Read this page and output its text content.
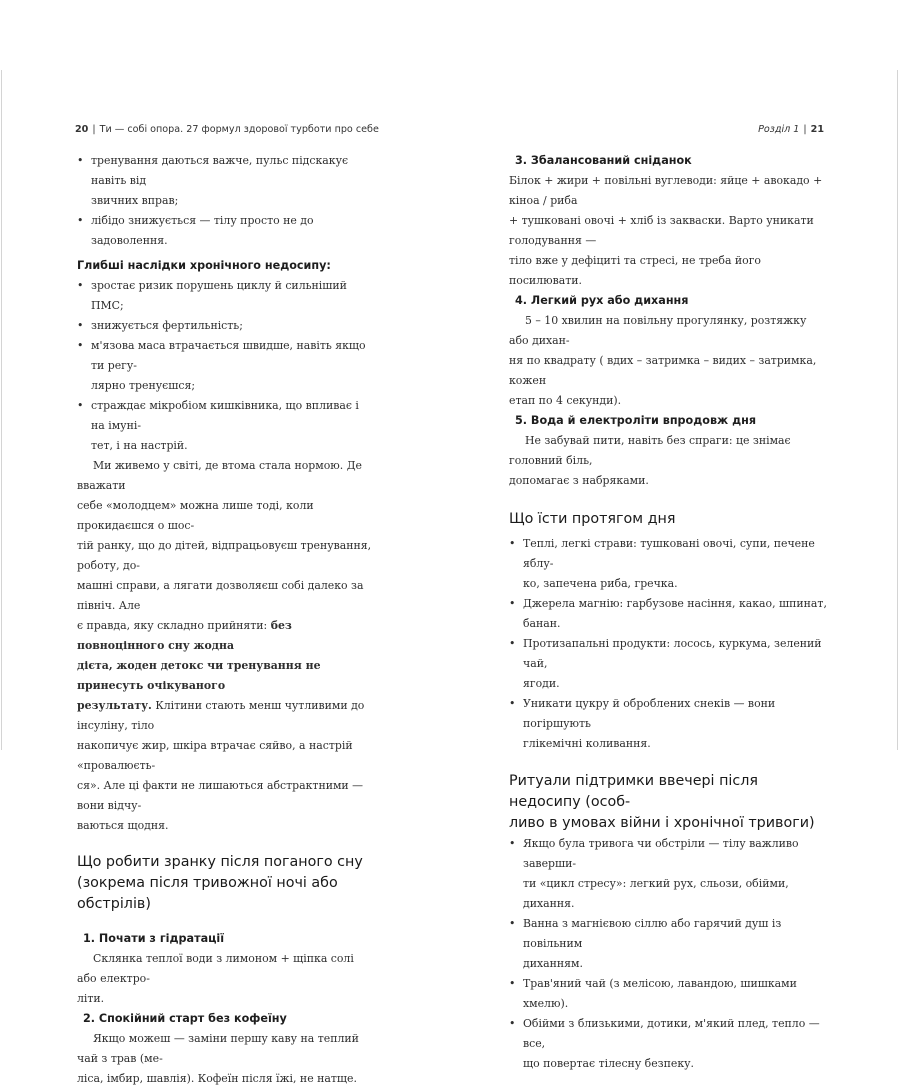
20 | Ти — собі опора. 27 формул здорової турботи про себе
• тренування даються важче, пульс підскакує навіть від
звичних вправ;
• лібідо знижується — тілу просто не до задоволення.
Глибші наслідки хронічного недосипу:
• зростає ризик порушень циклу й сильніший ПМС;
• знижується фертильність;
• м'язова маса втрачається швидше, навіть якщо ти регу-
лярно тренуєшся;
• страждає мікробіом кишківника, що впливає і на імуні-
тет, і на настрій.
Ми живемо у світі, де втома стала нормою. Де вважати
себе «молодцем» можна лише тоді, коли прокидаєшся о шос-
тій ранку, що до дітей, відпрацьовуєш тренування, роботу, до-
машні справи, а лягати дозволяєш собі далеко за північ. Але
є правда, яку складно прийняти: без повноцінного сну жодна
дієта, жоден детокс чи тренування не принесуть очікуваного
результату. Клітини стають менш чутливими до інсуліну, тіло
накопичує жир, шкіра втрачає сяйво, а настрій «провалюєть-
ся». Але ці факти не лишаються абстрактними — вони відчу-
ваються щодня.
Що робити зранку після поганого сну
(зокрема після тривожної ночі або обстрілів)
1. Почати з гідратації
Склянка теплої води з лимоном + щіпка солі або електро-
літи.
2. Спокійний старт без кофеїну
Якщо можеш — заміни першу каву на теплий чай з трав (ме-
ліса, імбир, шавлія). Кофеїн після їжі, не натще.
Розділ 1 | 21
3. Збалансований сніданок
Білок + жири + повільні вуглеводи: яйце + авокадо + кіноа / риба
+ тушковані овочі + хліб із закваски. Варто уникати голодування —
тіло вже у дефіциті та стресі, не треба його посилювати.
4. Легкий рух або дихання
5 – 10 хвилин на повільну прогулянку, розтяжку або дихан-
ня по квадрату ( вдих – затримка – видих – затримка, кожен
етап по 4 секунди).
5. Вода й електроліти впродовж дня
Не забувай пити, навіть без спраги: це знімає головний біль,
допомагає з набряками.
Що їсти протягом дня
• Теплі, легкі страви: тушковані овочі, супи, печене яблу-
ко, запечена риба, гречка.
• Джерела магнію: гарбузове насіння, какао, шпинат, банан.
• Протизапальні продукти: лосось, куркума, зелений чай,
ягоди.
• Уникати цукру й оброблених снеків — вони погіршують
глікемічні коливання.
Ритуали підтримки ввечері після недосипу (особ-
ливо в умовах війни і хронічної тривоги)
• Якщо була тривога чи обстріли — тілу важливо заверши-
ти «цикл стресу»: легкий рух, сльози, обійми, дихання.
• Ванна з магнієвою сіллю або гарячий душ із повільним
диханням.
• Трав'яний чай (з мелісою, лавандою, шишками хмелю).
• Обійми з близькими, дотики, м'який плед, тепло — все,
що повертає тілесну безпеку.
